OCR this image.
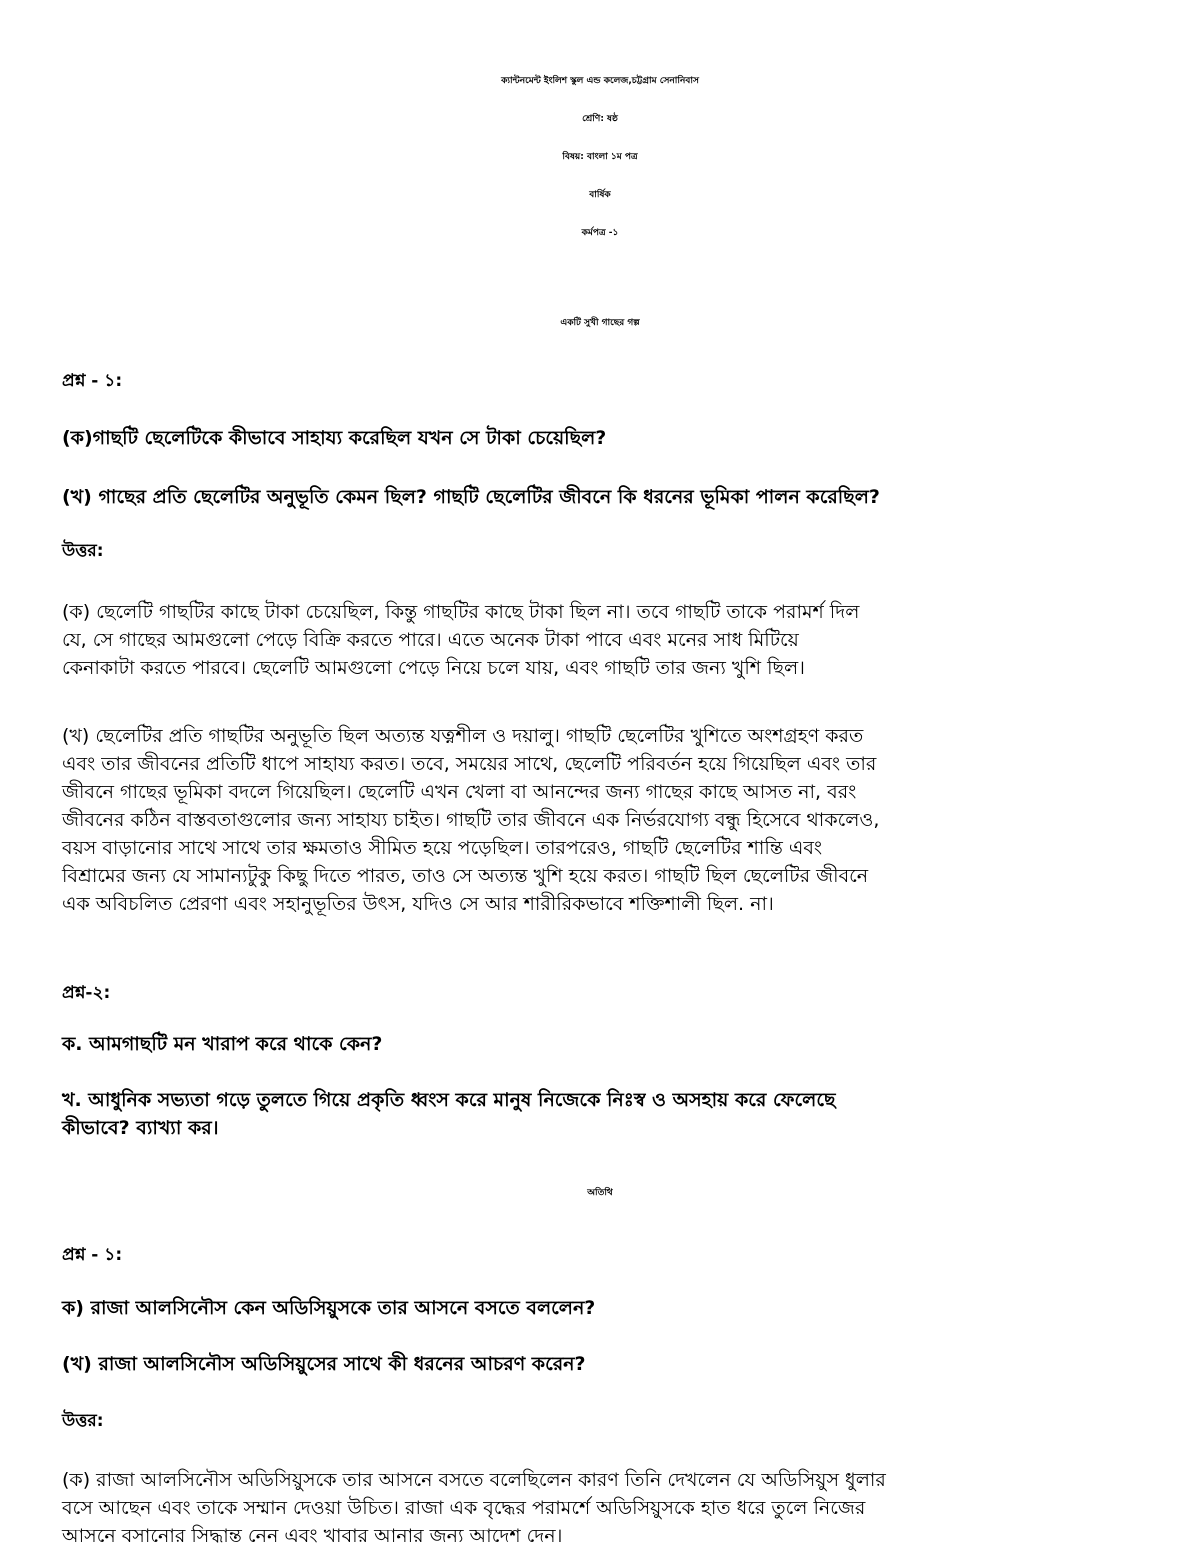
ক্যান্টনমেন্ট ইংলিশ স্কুল এন্ড কলেজ,চট্টগ্রাম সেনানিবাস
শ্রেণি: ষষ্ঠ
বিষয়: বাংলা ১ম পত্র
বার্ষিক
কর্মপত্র -১
একটি সুখী গাছের গল্প
প্রশ্ন - ১:
(ক)গাছটি ছেলেটিকে কীভাবে সাহায্য করেছিল যখন সে টাকা চেয়েছিল?
(খ) গাছের প্রতি ছেলেটির অনুভূতি কেমন ছিল? গাছটি ছেলেটির জীবনে কি ধরনের ভূমিকা পালন করেছিল?
উত্তর:
(ক) ছেলেটি গাছটির কাছে টাকা চেয়েছিল, কিন্তু গাছটির কাছে টাকা ছিল না। তবে গাছটি তাকে পরামর্শ দিল
যে, সে গাছের আমগুলো পেড়ে বিক্রি করতে পারে। এতে অনেক টাকা পাবে এবং মনের সাধ মিটিয়ে
কেনাকাটা করতে পারবে। ছেলেটি আমগুলো পেড়ে নিয়ে চলে যায়, এবং গাছটি তার জন্য খুশি ছিল।
(খ) ছেলেটির প্রতি গাছটির অনুভূতি ছিল অত্যন্ত যত্নশীল ও দয়ালু। গাছটি ছেলেটির খুশিতে অংশগ্রহণ করত
এবং তার জীবনের প্রতিটি ধাপে সাহায্য করত। তবে, সময়ের সাথে, ছেলেটি পরিবর্তন হয়ে গিয়েছিল এবং তার
জীবনে গাছের ভূমিকা বদলে গিয়েছিল। ছেলেটি এখন খেলা বা আনন্দের জন্য গাছের কাছে আসত না, বরং
জীবনের কঠিন বাস্তবতাগুলোর জন্য সাহায্য চাইত। গাছটি তার জীবনে এক নির্ভরযোগ্য বন্ধু হিসেবে থাকলেও,
বয়স বাড়ানোর সাথে সাথে তার ক্ষমতাও সীমিত হয়ে পড়েছিল। তারপরেও, গাছটি ছেলেটির শান্তি এবং
বিশ্রামের জন্য যে সামান্যটুকু কিছু দিতে পারত, তাও সে অত্যন্ত খুশি হয়ে করত। গাছটি ছিল ছেলেটির জীবনে
এক অবিচলিত প্রেরণা এবং সহানুভূতির উৎস, যদিও সে আর শারীরিকভাবে শক্তিশালী ছিল. না।
প্রশ্ন-২:
ক. আমগাছটি মন খারাপ করে থাকে কেন?
খ. আধুনিক সভ্যতা গড়ে তুলতে গিয়ে প্রকৃতি ধ্বংস করে মানুষ নিজেকে নিঃস্ব ও অসহায় করে ফেলেছে
কীভাবে? ব্যাখ্যা কর।
অতিথি
প্রশ্ন - ১:
ক) রাজা আলসিনৌস কেন অডিসিয়ুসকে তার আসনে বসতে বললেন?
(খ) রাজা আলসিনৌস অডিসিয়ুসের সাথে কী ধরনের আচরণ করেন?
উত্তর:
(ক) রাজা আলসিনৌস অডিসিয়ুসকে তার আসনে বসতে বলেছিলেন কারণ তিনি দেখলেন যে অডিসিয়ুস ধুলার
বসে আছেন এবং তাকে সম্মান দেওয়া উচিত। রাজা এক বৃদ্ধের পরামর্শে অডিসিয়ুসকে হাত ধরে তুলে নিজের
আসনে বসানোর সিদ্ধান্ত নেন এবং খাবার আনার জন্য আদেশ দেন।
